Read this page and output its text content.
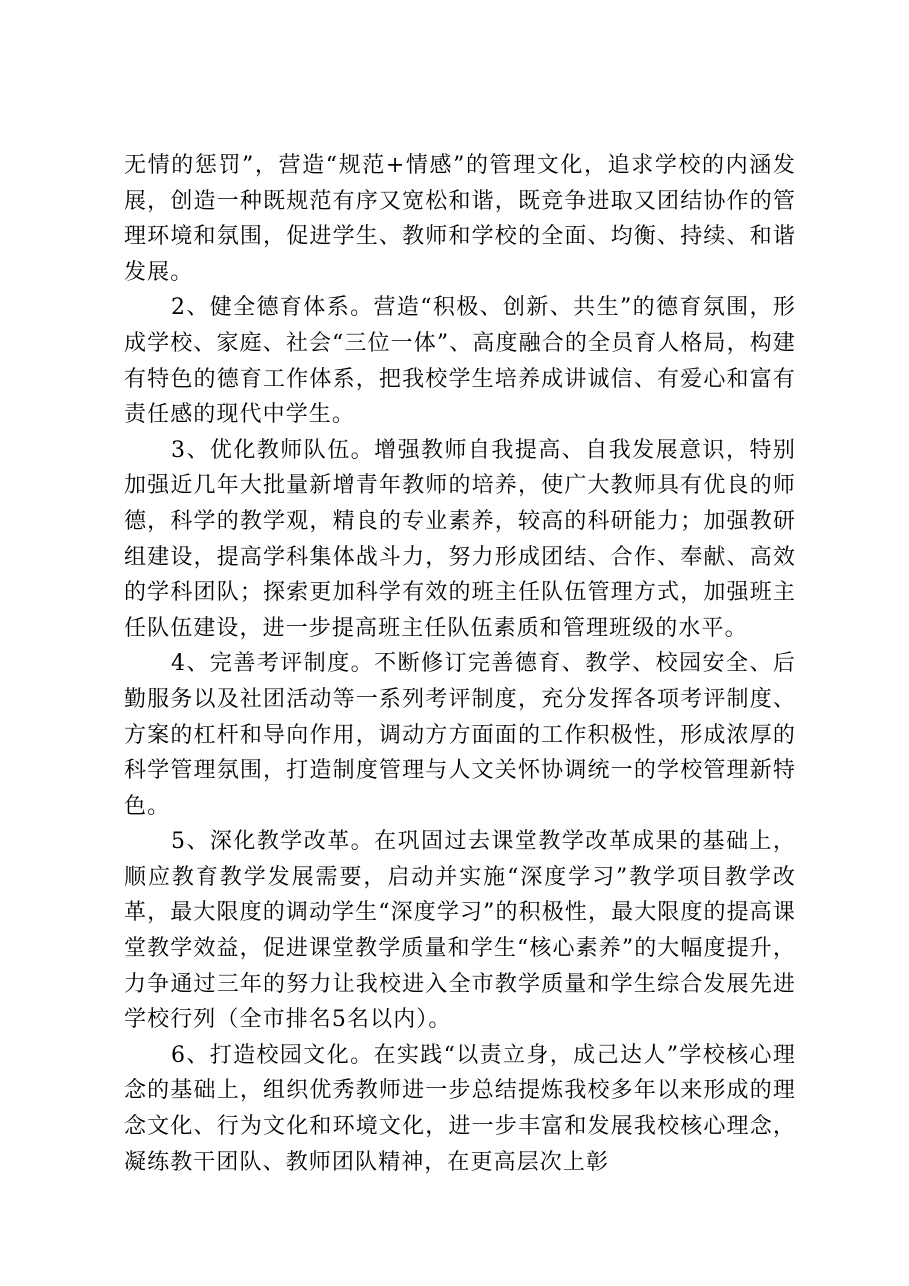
无情的惩罚”，营造“规范+情感”的管理文化，追求学校的内涵发展，创造一种既规范有序又宽松和谐，既竞争进取又团结协作的管理环境和氛围，促进学生、教师和学校的全面、均衡、持续、和谐发展。

2、健全德育体系。营造“积极、创新、共生”的德育氛围，形成学校、家庭、社会“三位一体”、高度融合的全员育人格局，构建有特色的德育工作体系，把我校学生培养成讲诚信、有爱心和富有责任感的现代中学生。

3、优化教师队伍。增强教师自我提高、自我发展意识，特别加强近几年大批量新增青年教师的培养，使广大教师具有优良的师德，科学的教学观，精良的专业素养，较高的科研能力；加强教研组建设，提高学科集体战斗力，努力形成团结、合作、奉献、高效的学科团队；探索更加科学有效的班主任队伍管理方式，加强班主任队伍建设，进一步提高班主任队伍素质和管理班级的水平。

4、完善考评制度。不断修订完善德育、教学、校园安全、后勤服务以及社团活动等一系列考评制度，充分发挥各项考评制度、方案的杠杆和导向作用，调动方方面面的工作积极性，形成浓厚的科学管理氛围，打造制度管理与人文关怀协调统一的学校管理新特色。

5、深化教学改革。在巩固过去课堂教学改革成果的基础上，顺应教育教学发展需要，启动并实施“深度学习”教学项目教学改革，最大限度的调动学生“深度学习”的积极性，最大限度的提高课堂教学效益，促进课堂教学质量和学生“核心素养”的大幅度提升，力争通过三年的努力让我校进入全市教学质量和学生综合发展先进学校行列（全市排名5名以内）。

6、打造校园文化。在实践“以责立身，成己达人”学校核心理念的基础上，组织优秀教师进一步总结提炼我校多年以来形成的理念文化、行为文化和环境文化，进一步丰富和发展我校核心理念，凝练教干团队、教师团队精神，在更高层次上彰
